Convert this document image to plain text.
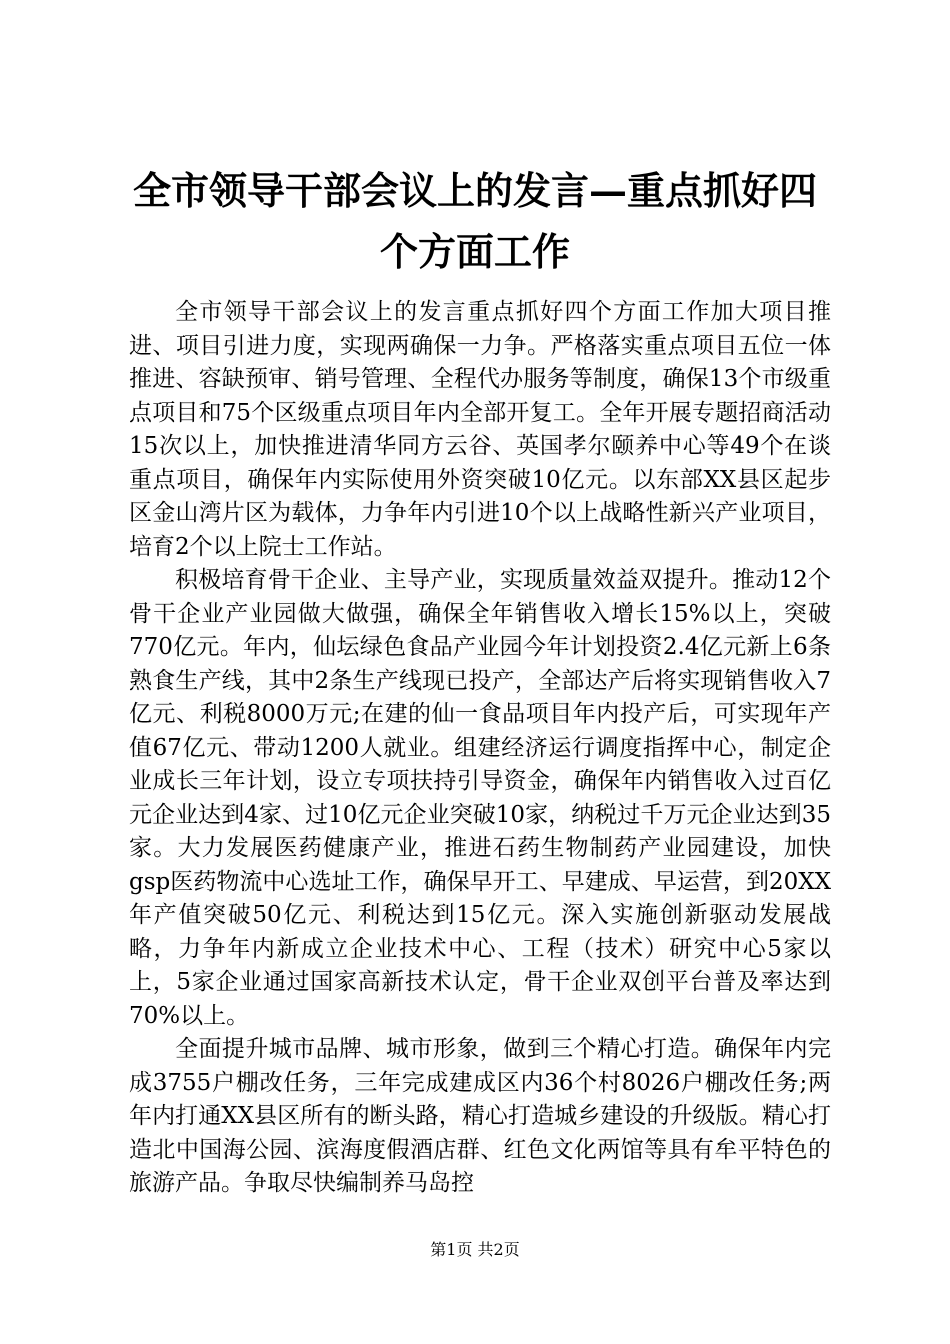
全市领导干部会议上的发言—重点抓好四个方面工作

全市领导干部会议上的发言重点抓好四个方面工作加大项目推进、项目引进力度，实现两确保一力争。严格落实重点项目五位一体推进、容缺预审、销号管理、全程代办服务等制度，确保13个市级重点项目和75个区级重点项目年内全部开复工。全年开展专题招商活动15次以上，加快推进清华同方云谷、英国孝尔颐养中心等49个在谈重点项目，确保年内实际使用外资突破10亿元。以东部XX县区起步区金山湾片区为载体，力争年内引进10个以上战略性新兴产业项目，培育2个以上院士工作站。

积极培育骨干企业、主导产业，实现质量效益双提升。推动12个骨干企业产业园做大做强，确保全年销售收入增长15%以上，突破770亿元。年内，仙坛绿色食品产业园今年计划投资2.4亿元新上6条熟食生产线，其中2条生产线现已投产，全部达产后将实现销售收入7亿元、利税8000万元;在建的仙一食品项目年内投产后，可实现年产值67亿元、带动1200人就业。组建经济运行调度指挥中心，制定企业成长三年计划，设立专项扶持引导资金，确保年内销售收入过百亿元企业达到4家、过10亿元企业突破10家，纳税过千万元企业达到35家。大力发展医药健康产业，推进石药生物制药产业园建设，加快gsp医药物流中心选址工作，确保早开工、早建成、早运营，到20XX年产值突破50亿元、利税达到15亿元。深入实施创新驱动发展战略，力争年内新成立企业技术中心、工程（技术）研究中心5家以上，5家企业通过国家高新技术认定，骨干企业双创平台普及率达到70%以上。

全面提升城市品牌、城市形象，做到三个精心打造。确保年内完成3755户棚改任务，三年完成建成区内36个村8026户棚改任务;两年内打通XX县区所有的断头路，精心打造城乡建设的升级版。精心打造北中国海公园、滨海度假酒店群、红色文化两馆等具有牟平特色的旅游产品。争取尽快编制养马岛控

第1页 共2页
